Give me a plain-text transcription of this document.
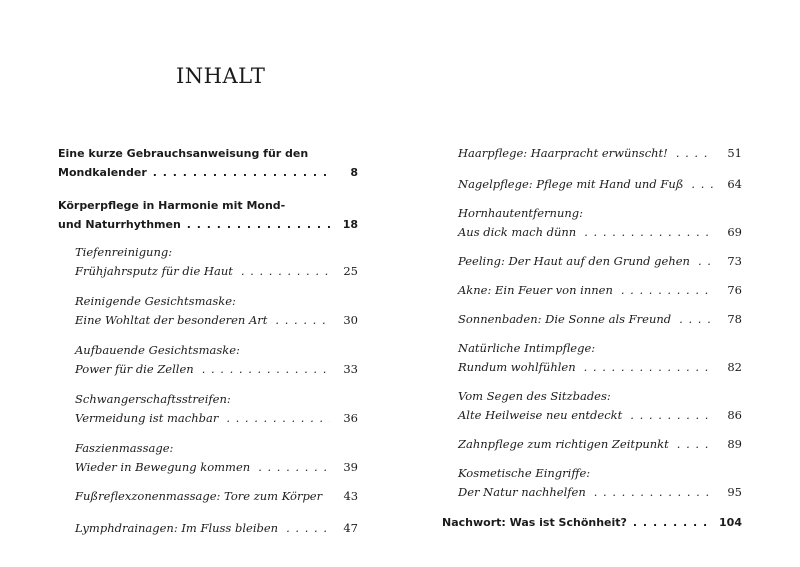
INHALT
Eine kurze Gebrauchsanweisung für den
Mondkalender . . .	8
Körperpflege in Harmonie mit Mond-
und Naturrhythmen . . .	18
Tiefenreinigung:
Frühjahrsputz für die Haut . . .	25
Reinigende Gesichtsmaske:
Eine Wohltat der besonderen Art . . .	30
Aufbauende Gesichtsmaske:
Power für die Zellen . . .	33
Schwangerschaftsstreifen:
Vermeidung ist machbar . . .	36
Faszienmassage:
Wieder in Bewegung kommen . . .	39
Fußreflexzonenmassage: Tore zum Körper	43
Lymphdrainagen: Im Fluss bleiben . . .	47
Haarpflege: Haarpracht erwünscht! . . .	51
Nagelpflege: Pflege mit Hand und Fuß . . .	64
Hornhautentfernung:
Aus dick mach dünn . . .	69
Peeling: Der Haut auf den Grund gehen . . .	73
Akne: Ein Feuer von innen . . .	76
Sonnenbaden: Die Sonne als Freund . . .	78
Natürliche Intimpflege:
Rundum wohlfühlen . . .	82
Vom Segen des Sitzbades:
Alte Heilweise neu entdeckt . . .	86
Zahnpflege zum richtigen Zeitpunkt . . .	89
Kosmetische Eingriffe:
Der Natur nachhelfen . . .	95
Nachwort: Was ist Schönheit? . . .	104
